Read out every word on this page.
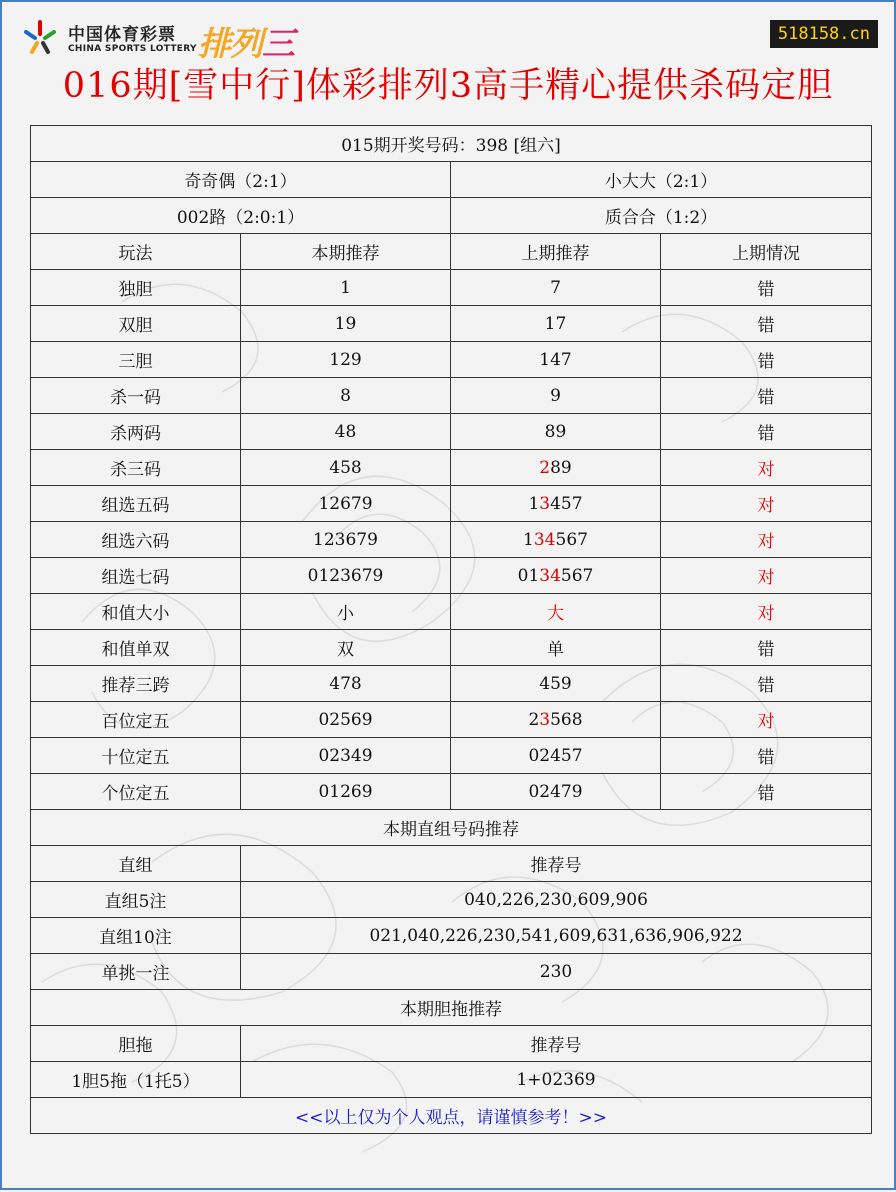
中国体育彩票
CHINA SPORTS LOTTERY 排列三	518158.cn
016期[雪中行]体彩排列3高手精心提供杀码定胆
015期开奖号码：398 [组六]			
奇奇偶（2:1）		小大大（2:1）	
002路（2:0:1）		质合合（1:2）	
玩法	本期推荐	上期推荐	上期情况
独胆	1	7	错
双胆	19	17	错
三胆	129	147	错
杀一码	8	9	错
杀两码	48	89	错
杀三码	458	289	对
组选五码	12679	13457	对
组选六码	123679	134567	对
组选七码	0123679	0134567	对
和值大小	小	大	对
和值单双	双	单	错
推荐三跨	478	459	错
百位定五	02569	23568	对
十位定五	02349	02457	错
个位定五	01269	02479	错
本期直组号码推荐			
直组	推荐号		
直组5注	040,226,230,609,906		
直组10注	021,040,226,230,541,609,631,636,906,922		
单挑一注	230		
本期胆拖推荐			
胆拖	推荐号		
1胆5拖（1托5）	1+02369		
<<以上仅为个人观点，请谨慎参考！>>			
